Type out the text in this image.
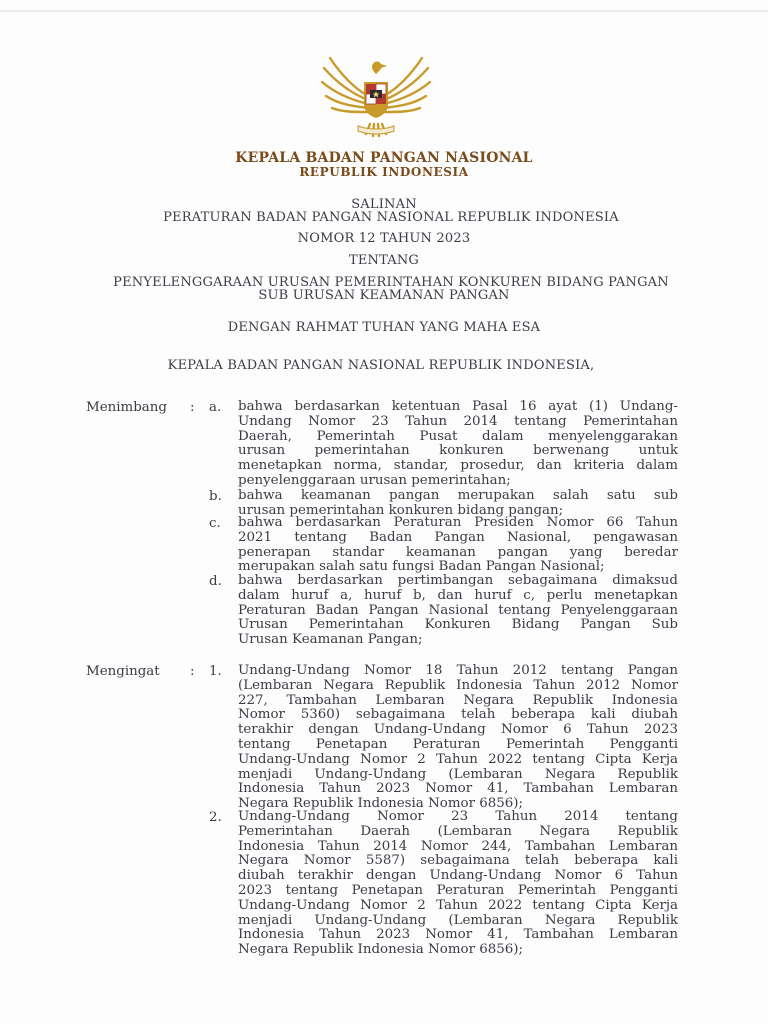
KEPALA BADAN PANGAN NASIONAL
REPUBLIK INDONESIA
SALINAN
PERATURAN BADAN PANGAN NASIONAL REPUBLIK INDONESIA
NOMOR 12 TAHUN 2023
TENTANG
PENYELENGGARAAN URUSAN PEMERINTAHAN KONKUREN BIDANG PANGAN
SUB URUSAN KEAMANAN PANGAN
DENGAN RAHMAT TUHAN YANG MAHA ESA
KEPALA BADAN PANGAN NASIONAL REPUBLIK INDONESIA,
Menimbang : a. bahwa berdasarkan ketentuan Pasal 16 ayat (1) Undang-
Undang Nomor 23 Tahun 2014 tentang Pemerintahan
Daerah, Pemerintah Pusat dalam menyelenggarakan
urusan pemerintahan konkuren berwenang untuk
menetapkan norma, standar, prosedur, dan kriteria dalam
penyelenggaraan urusan pemerintahan;
b. bahwa keamanan pangan merupakan salah satu sub
urusan pemerintahan konkuren bidang pangan;
c. bahwa berdasarkan Peraturan Presiden Nomor 66 Tahun
2021 tentang Badan Pangan Nasional, pengawasan
penerapan standar keamanan pangan yang beredar
merupakan salah satu fungsi Badan Pangan Nasional;
d. bahwa berdasarkan pertimbangan sebagaimana dimaksud
dalam huruf a, huruf b, dan huruf c, perlu menetapkan
Peraturan Badan Pangan Nasional tentang Penyelenggaraan
Urusan Pemerintahan Konkuren Bidang Pangan Sub
Urusan Keamanan Pangan;
Mengingat : 1. Undang-Undang Nomor 18 Tahun 2012 tentang Pangan
(Lembaran Negara Republik Indonesia Tahun 2012 Nomor
227, Tambahan Lembaran Negara Republik Indonesia
Nomor 5360) sebagaimana telah beberapa kali diubah
terakhir dengan Undang-Undang Nomor 6 Tahun 2023
tentang Penetapan Peraturan Pemerintah Pengganti
Undang-Undang Nomor 2 Tahun 2022 tentang Cipta Kerja
menjadi Undang-Undang (Lembaran Negara Republik
Indonesia Tahun 2023 Nomor 41, Tambahan Lembaran
Negara Republik Indonesia Nomor 6856);
2. Undang-Undang Nomor 23 Tahun 2014 tentang
Pemerintahan Daerah (Lembaran Negara Republik
Indonesia Tahun 2014 Nomor 244, Tambahan Lembaran
Negara Nomor 5587) sebagaimana telah beberapa kali
diubah terakhir dengan Undang-Undang Nomor 6 Tahun
2023 tentang Penetapan Peraturan Pemerintah Pengganti
Undang-Undang Nomor 2 Tahun 2022 tentang Cipta Kerja
menjadi Undang-Undang (Lembaran Negara Republik
Indonesia Tahun 2023 Nomor 41, Tambahan Lembaran
Negara Republik Indonesia Nomor 6856);
